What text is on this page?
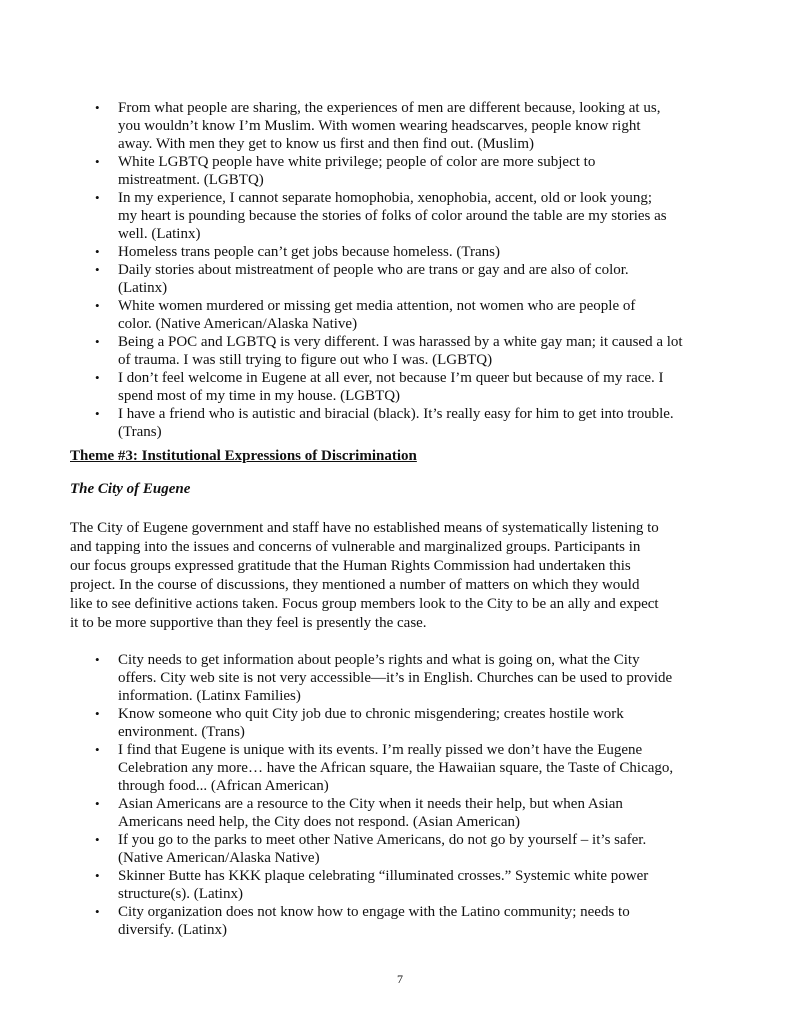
•	From what people are sharing, the experiences of men are different because, looking at us,
you wouldn’t know I’m Muslim. With women wearing headscarves, people know right
away. With men they get to know us first and then find out. (Muslim)
•	White LGBTQ people have white privilege; people of color are more subject to
mistreatment. (LGBTQ)
•	In my experience, I cannot separate homophobia, xenophobia, accent, old or look young;
my heart is pounding because the stories of folks of color around the table are my stories as
well. (Latinx)
•	Homeless trans people can’t get jobs because homeless. (Trans)
•	Daily stories about mistreatment of people who are trans or gay and are also of color.
(Latinx)
•	White women murdered or missing get media attention, not women who are people of
color. (Native American/Alaska Native)
•	Being a POC and LGBTQ is very different. I was harassed by a white gay man; it caused a lot
of trauma. I was still trying to figure out who I was. (LGBTQ)
•	I don’t feel welcome in Eugene at all ever, not because I’m queer but because of my race. I
spend most of my time in my house. (LGBTQ)
•	I have a friend who is autistic and biracial (black). It’s really easy for him to get into trouble.
(Trans)
Theme #3: Institutional Expressions of Discrimination
The City of Eugene
The City of Eugene government and staff have no established means of systematically listening to
and tapping into the issues and concerns of vulnerable and marginalized groups. Participants in
our focus groups expressed gratitude that the Human Rights Commission had undertaken this
project. In the course of discussions, they mentioned a number of matters on which they would
like to see definitive actions taken. Focus group members look to the City to be an ally and expect
it to be more supportive than they feel is presently the case.
•	City needs to get information about people’s rights and what is going on, what the City
offers. City web site is not very accessible—it’s in English. Churches can be used to provide
information. (Latinx Families)
•	Know someone who quit City job due to chronic misgendering; creates hostile work
environment. (Trans)
•	I find that Eugene is unique with its events. I’m really pissed we don’t have the Eugene
Celebration any more… have the African square, the Hawaiian square, the Taste of Chicago,
through food... (African American)
•	Asian Americans are a resource to the City when it needs their help, but when Asian
Americans need help, the City does not respond. (Asian American)
•	If you go to the parks to meet other Native Americans, do not go by yourself – it’s safer.
(Native American/Alaska Native)
•	Skinner Butte has KKK plaque celebrating “illuminated crosses.” Systemic white power
structure(s). (Latinx)
•	City organization does not know how to engage with the Latino community; needs to
diversify. (Latinx)
7
